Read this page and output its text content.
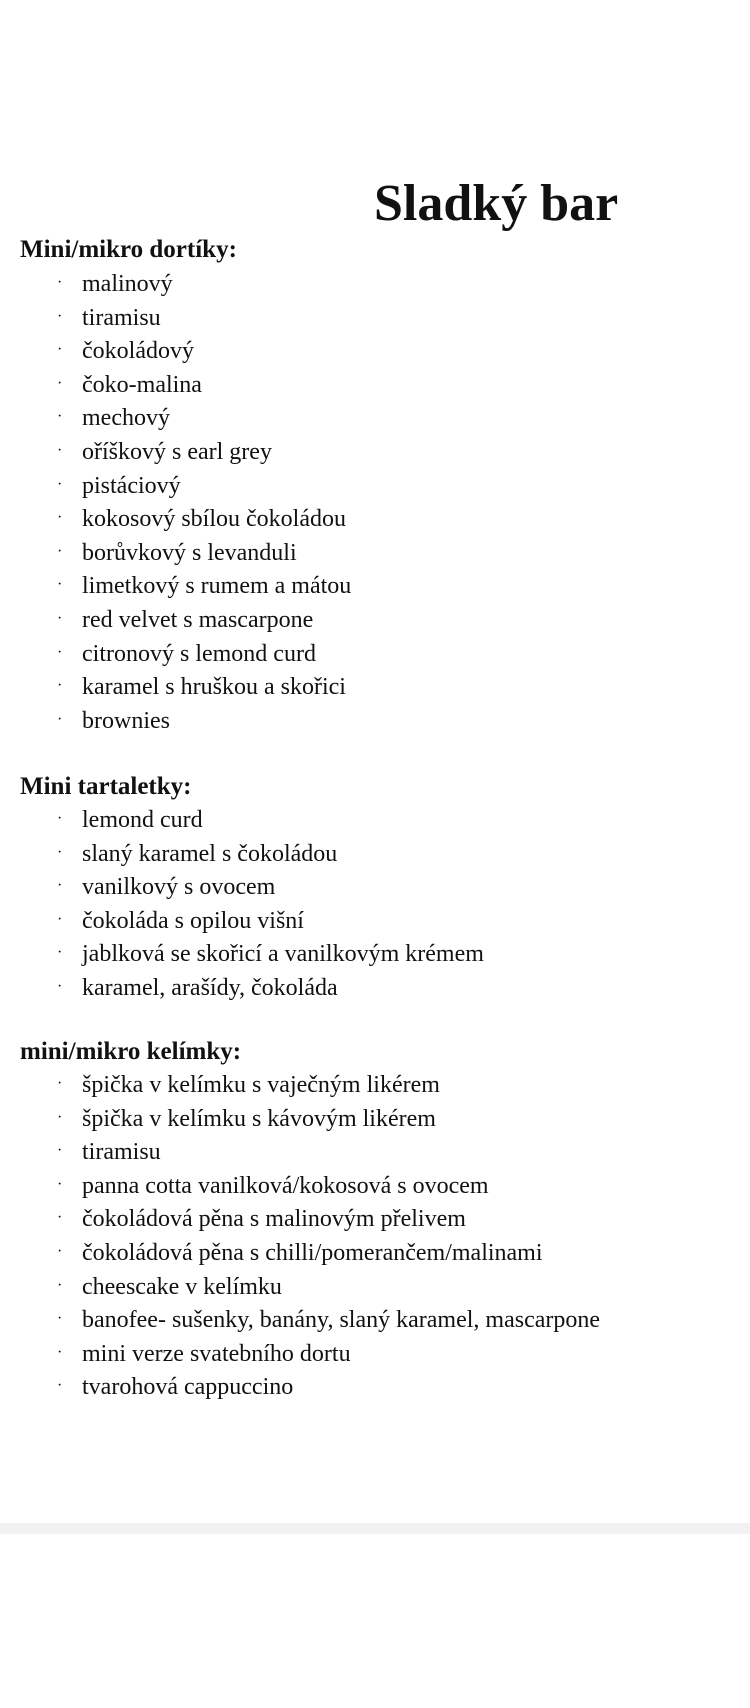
Sladký bar
Mini/mikro dortíky:
· malinový
· tiramisu
· čokoládový
· čoko-malina
· mechový
· oříškový s earl grey
· pistáciový
· kokosový sbílou čokoládou
· borůvkový s levanduli
· limetkový s rumem a mátou
· red velvet s mascarpone
· citronový s lemond curd
· karamel s hruškou a skořici
· brownies
Mini tartaletky:
· lemond curd
· slaný karamel s čokoládou
· vanilkový s ovocem
· čokoláda s opilou višní
· jablková se skořicí a vanilkovým krémem
· karamel, arašídy, čokoláda
mini/mikro kelímky:
· špička v kelímku s vaječným likérem
· špička v kelímku s kávovým likérem
· tiramisu
· panna cotta vanilková/kokosová s ovocem
· čokoládová pěna s malinovým přelivem
· čokoládová pěna s chilli/pomerančem/malinami
· cheescake v kelímku
· banofee- sušenky, banány, slaný karamel, mascarpone
· mini verze svatebního dortu
· tvarohová cappuccino
